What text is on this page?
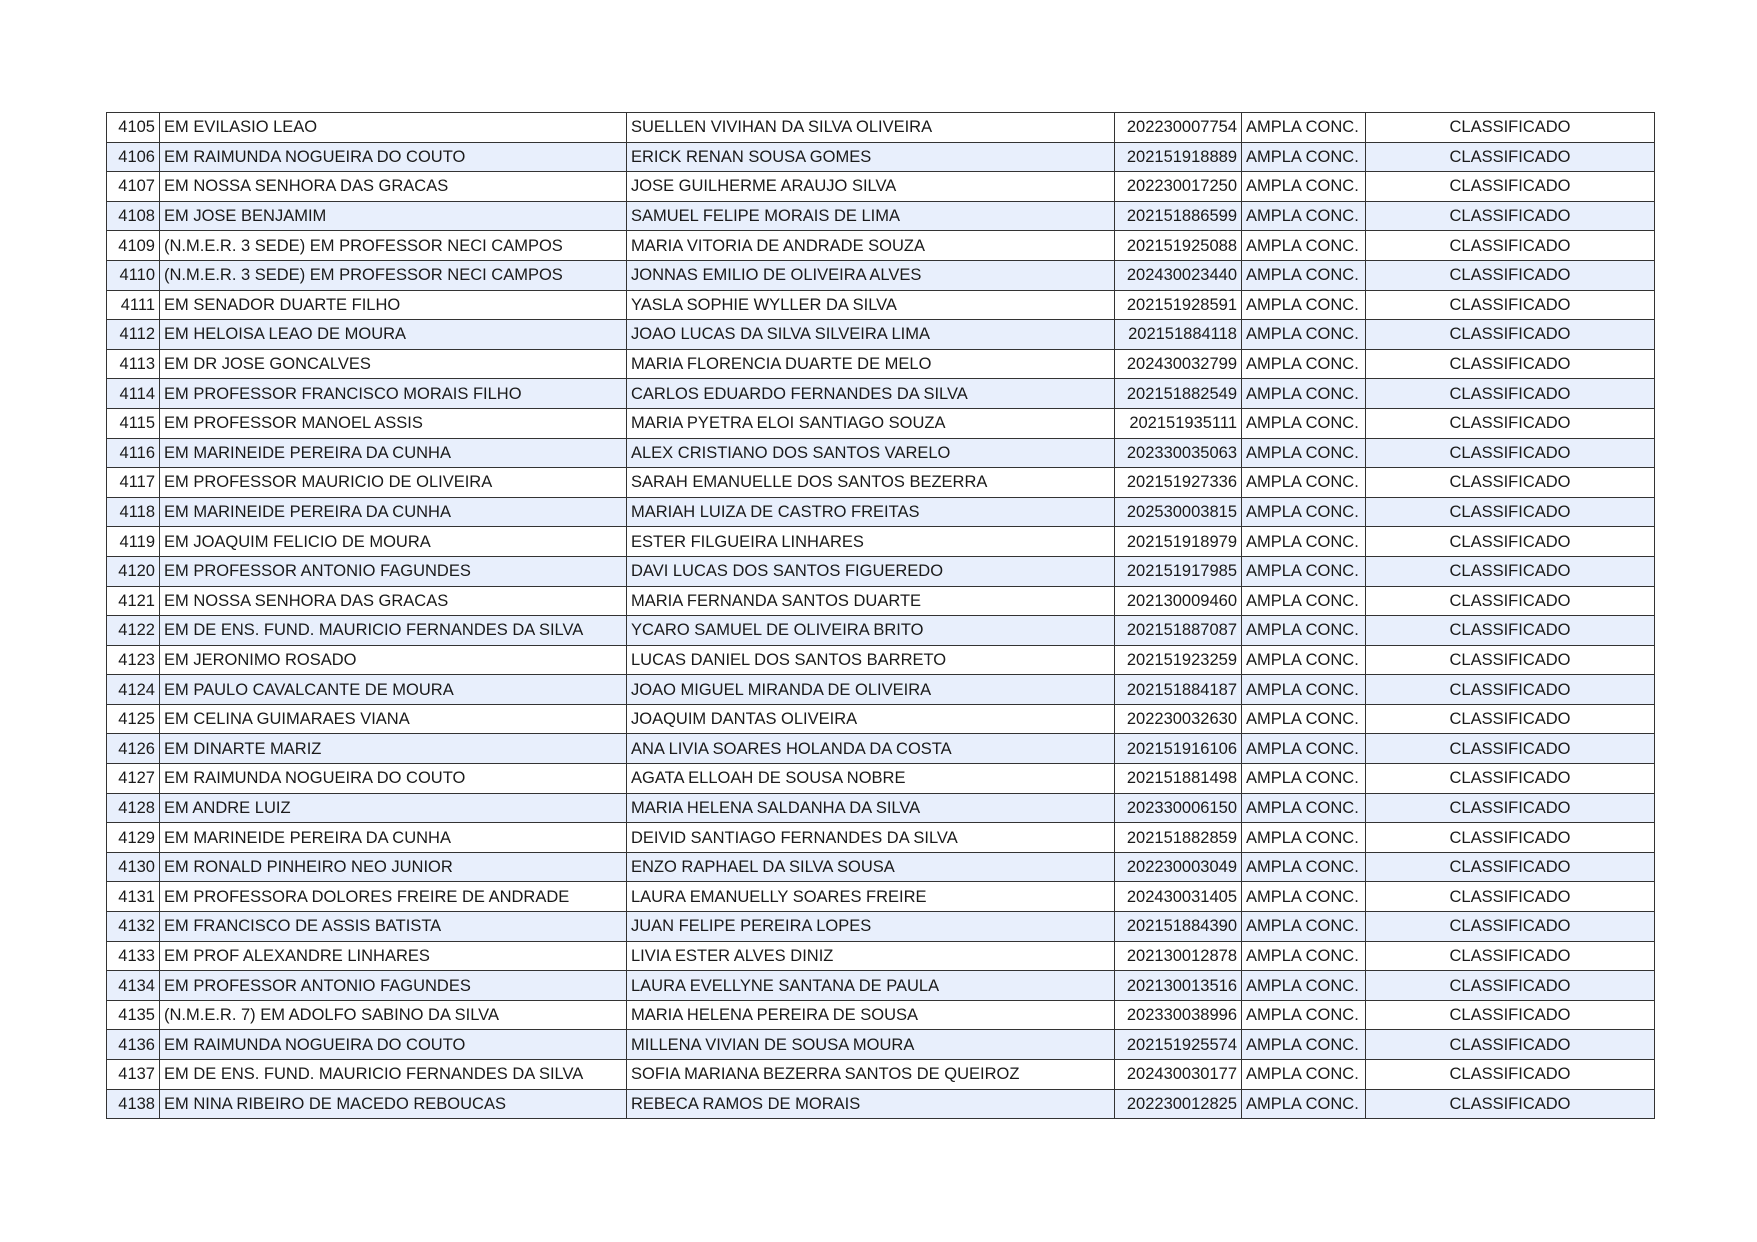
4105	EM EVILASIO LEAO	SUELLEN VIVIHAN DA SILVA OLIVEIRA	202230007754	AMPLA CONC.	CLASSIFICADO
4106	EM RAIMUNDA NOGUEIRA DO COUTO	ERICK RENAN SOUSA GOMES	202151918889	AMPLA CONC.	CLASSIFICADO
4107	EM NOSSA SENHORA DAS GRACAS	JOSE GUILHERME ARAUJO SILVA	202230017250	AMPLA CONC.	CLASSIFICADO
4108	EM JOSE BENJAMIM	SAMUEL FELIPE MORAIS DE LIMA	202151886599	AMPLA CONC.	CLASSIFICADO
4109	(N.M.E.R. 3 SEDE) EM PROFESSOR NECI CAMPOS	MARIA VITORIA DE ANDRADE SOUZA	202151925088	AMPLA CONC.	CLASSIFICADO
4110	(N.M.E.R. 3 SEDE) EM PROFESSOR NECI CAMPOS	JONNAS EMILIO DE OLIVEIRA ALVES	202430023440	AMPLA CONC.	CLASSIFICADO
4111	EM SENADOR DUARTE FILHO	YASLA SOPHIE WYLLER DA SILVA	202151928591	AMPLA CONC.	CLASSIFICADO
4112	EM HELOISA LEAO DE MOURA	JOAO LUCAS DA SILVA SILVEIRA LIMA	202151884118	AMPLA CONC.	CLASSIFICADO
4113	EM DR JOSE GONCALVES	MARIA FLORENCIA DUARTE DE MELO	202430032799	AMPLA CONC.	CLASSIFICADO
4114	EM PROFESSOR FRANCISCO MORAIS FILHO	CARLOS EDUARDO FERNANDES DA SILVA	202151882549	AMPLA CONC.	CLASSIFICADO
4115	EM PROFESSOR MANOEL ASSIS	MARIA PYETRA ELOI SANTIAGO SOUZA	202151935111	AMPLA CONC.	CLASSIFICADO
4116	EM MARINEIDE PEREIRA DA CUNHA	ALEX CRISTIANO DOS SANTOS VARELO	202330035063	AMPLA CONC.	CLASSIFICADO
4117	EM PROFESSOR MAURICIO DE OLIVEIRA	SARAH EMANUELLE DOS SANTOS BEZERRA	202151927336	AMPLA CONC.	CLASSIFICADO
4118	EM MARINEIDE PEREIRA DA CUNHA	MARIAH LUIZA DE CASTRO FREITAS	202530003815	AMPLA CONC.	CLASSIFICADO
4119	EM JOAQUIM FELICIO DE MOURA	ESTER FILGUEIRA LINHARES	202151918979	AMPLA CONC.	CLASSIFICADO
4120	EM PROFESSOR ANTONIO FAGUNDES	DAVI LUCAS DOS SANTOS FIGUEREDO	202151917985	AMPLA CONC.	CLASSIFICADO
4121	EM NOSSA SENHORA DAS GRACAS	MARIA FERNANDA SANTOS DUARTE	202130009460	AMPLA CONC.	CLASSIFICADO
4122	EM DE ENS. FUND. MAURICIO FERNANDES DA SILVA	YCARO SAMUEL DE OLIVEIRA BRITO	202151887087	AMPLA CONC.	CLASSIFICADO
4123	EM JERONIMO ROSADO	LUCAS DANIEL DOS SANTOS BARRETO	202151923259	AMPLA CONC.	CLASSIFICADO
4124	EM PAULO CAVALCANTE DE MOURA	JOAO MIGUEL MIRANDA DE OLIVEIRA	202151884187	AMPLA CONC.	CLASSIFICADO
4125	EM CELINA GUIMARAES VIANA	JOAQUIM DANTAS OLIVEIRA	202230032630	AMPLA CONC.	CLASSIFICADO
4126	EM DINARTE MARIZ	ANA LIVIA SOARES HOLANDA DA COSTA	202151916106	AMPLA CONC.	CLASSIFICADO
4127	EM RAIMUNDA NOGUEIRA DO COUTO	AGATA ELLOAH DE SOUSA NOBRE	202151881498	AMPLA CONC.	CLASSIFICADO
4128	EM ANDRE LUIZ	MARIA HELENA SALDANHA DA SILVA	202330006150	AMPLA CONC.	CLASSIFICADO
4129	EM MARINEIDE PEREIRA DA CUNHA	DEIVID SANTIAGO FERNANDES DA SILVA	202151882859	AMPLA CONC.	CLASSIFICADO
4130	EM RONALD PINHEIRO NEO JUNIOR	ENZO RAPHAEL DA SILVA SOUSA	202230003049	AMPLA CONC.	CLASSIFICADO
4131	EM PROFESSORA DOLORES FREIRE DE ANDRADE	LAURA EMANUELLY SOARES FREIRE	202430031405	AMPLA CONC.	CLASSIFICADO
4132	EM FRANCISCO DE ASSIS BATISTA	JUAN FELIPE PEREIRA LOPES	202151884390	AMPLA CONC.	CLASSIFICADO
4133	EM PROF ALEXANDRE LINHARES	LIVIA ESTER ALVES DINIZ	202130012878	AMPLA CONC.	CLASSIFICADO
4134	EM PROFESSOR ANTONIO FAGUNDES	LAURA EVELLYNE SANTANA DE PAULA	202130013516	AMPLA CONC.	CLASSIFICADO
4135	(N.M.E.R. 7) EM ADOLFO SABINO DA SILVA	MARIA HELENA PEREIRA DE SOUSA	202330038996	AMPLA CONC.	CLASSIFICADO
4136	EM RAIMUNDA NOGUEIRA DO COUTO	MILLENA VIVIAN DE SOUSA MOURA	202151925574	AMPLA CONC.	CLASSIFICADO
4137	EM DE ENS. FUND. MAURICIO FERNANDES DA SILVA	SOFIA MARIANA BEZERRA SANTOS DE QUEIROZ	202430030177	AMPLA CONC.	CLASSIFICADO
4138	EM NINA RIBEIRO DE MACEDO REBOUCAS	REBECA RAMOS DE MORAIS	202230012825	AMPLA CONC.	CLASSIFICADO
